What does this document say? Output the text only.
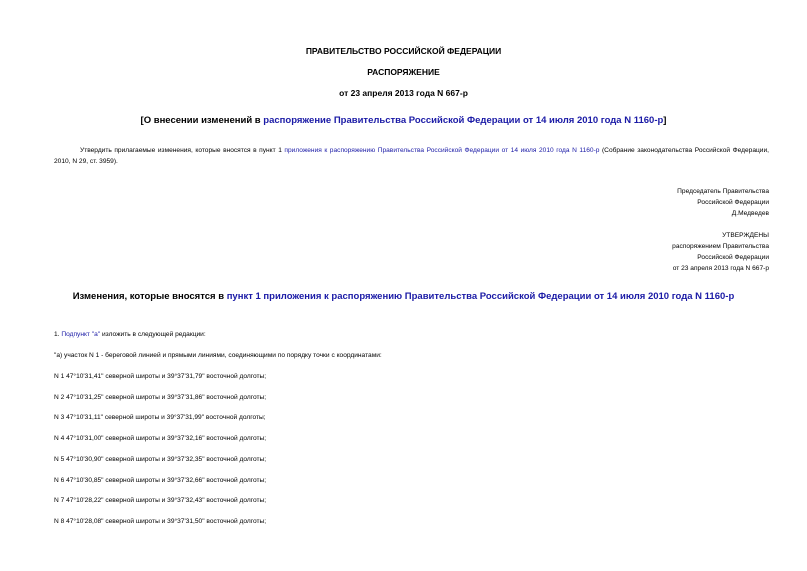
ПРАВИТЕЛЬСТВО РОССИЙСКОЙ ФЕДЕРАЦИИ
РАСПОРЯЖЕНИЕ
от 23 апреля 2013 года N 667-р
[О внесении изменений в распоряжение Правительства Российской Федерации от 14 июля 2010 года N 1160-р]
Утвердить прилагаемые изменения, которые вносятся в пункт 1 приложения к распоряжению Правительства Российской Федерации от 14 июля 2010 года N 1160-р (Собрание законодательства Российской Федерации, 2010, N 29, ст. 3959).
Председатель Правительства
Российской Федерации
Д.Медведев
УТВЕРЖДЕНЫ
распоряжением Правительства
Российской Федерации
от 23 апреля 2013 года N 667-р
Изменения, которые вносятся в пункт 1 приложения к распоряжению Правительства Российской Федерации от 14 июля 2010 года N 1160-р
1. Подпункт "а" изложить в следующей редакции:
"а) участок N 1 - береговой линией и прямыми линиями, соединяющими по порядку точки с координатами:
N 1 47°10'31,41" северной широты и 39°37'31,79" восточной долготы;
N 2 47°10'31,25" северной широты и 39°37'31,86" восточной долготы;
N 3 47°10'31,11" северной широты и 39°37'31,99" восточной долготы;
N 4 47°10'31,00" северной широты и 39°37'32,16" восточной долготы;
N 5 47°10'30,90" северной широты и 39°37'32,35" восточной долготы;
N 6 47°10'30,85" северной широты и 39°37'32,66" восточной долготы;
N 7 47°10'28,22" северной широты и 39°37'32,43" восточной долготы;
N 8 47°10'28,08" северной широты и 39°37'31,50" восточной долготы;
